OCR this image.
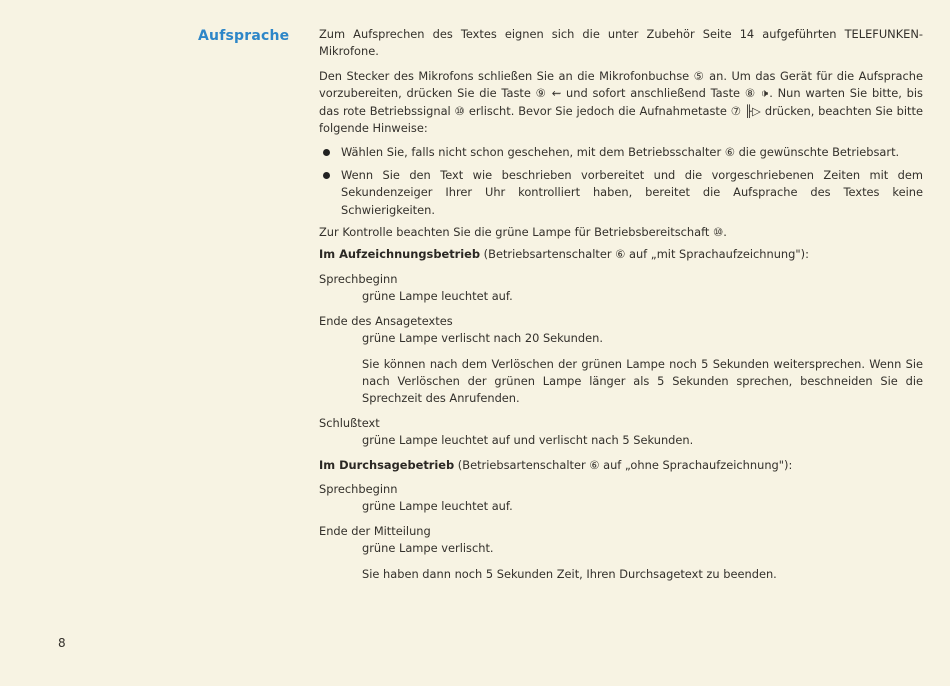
Aufsprache	Zum Aufsprechen des Textes eignen sich die unter Zubehör Seite 14 aufgeführten TELEFUNKEN-Mikrofone.

Den Stecker des Mikrofons schließen Sie an die Mikrofonbuchse ⑤ an. Um das Gerät für die Aufsprache vorzubereiten, drücken Sie die Taste ⑨ ⇜ und sofort anschließend Taste ⑧ 🕩. Nun warten Sie bitte, bis das rote Betriebssignal ⑩ erlischt. Bevor Sie jedoch die Aufnahmetaste ⑦ ╟▷ drücken, beachten Sie bitte folgende Hinweise:

Wählen Sie, falls nicht schon geschehen, mit dem Betriebsschalter ⑥ die gewünschte Betriebsart.
Wenn Sie den Text wie beschrieben vorbereitet und die vorgeschriebenen Zeiten mit dem Sekundenzeiger Ihrer Uhr kontrolliert haben, bereitet die Aufsprache des Textes keine Schwierigkeiten.

Zur Kontrolle beachten Sie die grüne Lampe für Betriebsbereitschaft ⑩.

Im Aufzeichnungsbetrieb (Betriebsartenschalter ⑥ auf „mit Sprachaufzeichnung"):

Sprechbeginn
grüne Lampe leuchtet auf.
Ende des Ansagetextes
grüne Lampe verlischt nach 20 Sekunden.
Sie können nach dem Verlöschen der grünen Lampe noch 5 Sekunden weitersprechen. Wenn Sie nach Verlöschen der grünen Lampe länger als 5 Sekunden sprechen, beschneiden Sie die Sprechzeit des Anrufenden.
Schlußtext
grüne Lampe leuchtet auf und verlischt nach 5 Sekunden.

Im Durchsagebetrieb (Betriebsartenschalter ⑥ auf „ohne Sprachaufzeichnung"):

Sprechbeginn
grüne Lampe leuchtet auf.
Ende der Mitteilung
grüne Lampe verlischt.
Sie haben dann noch 5 Sekunden Zeit, Ihren Durchsagetext zu beenden.
8
